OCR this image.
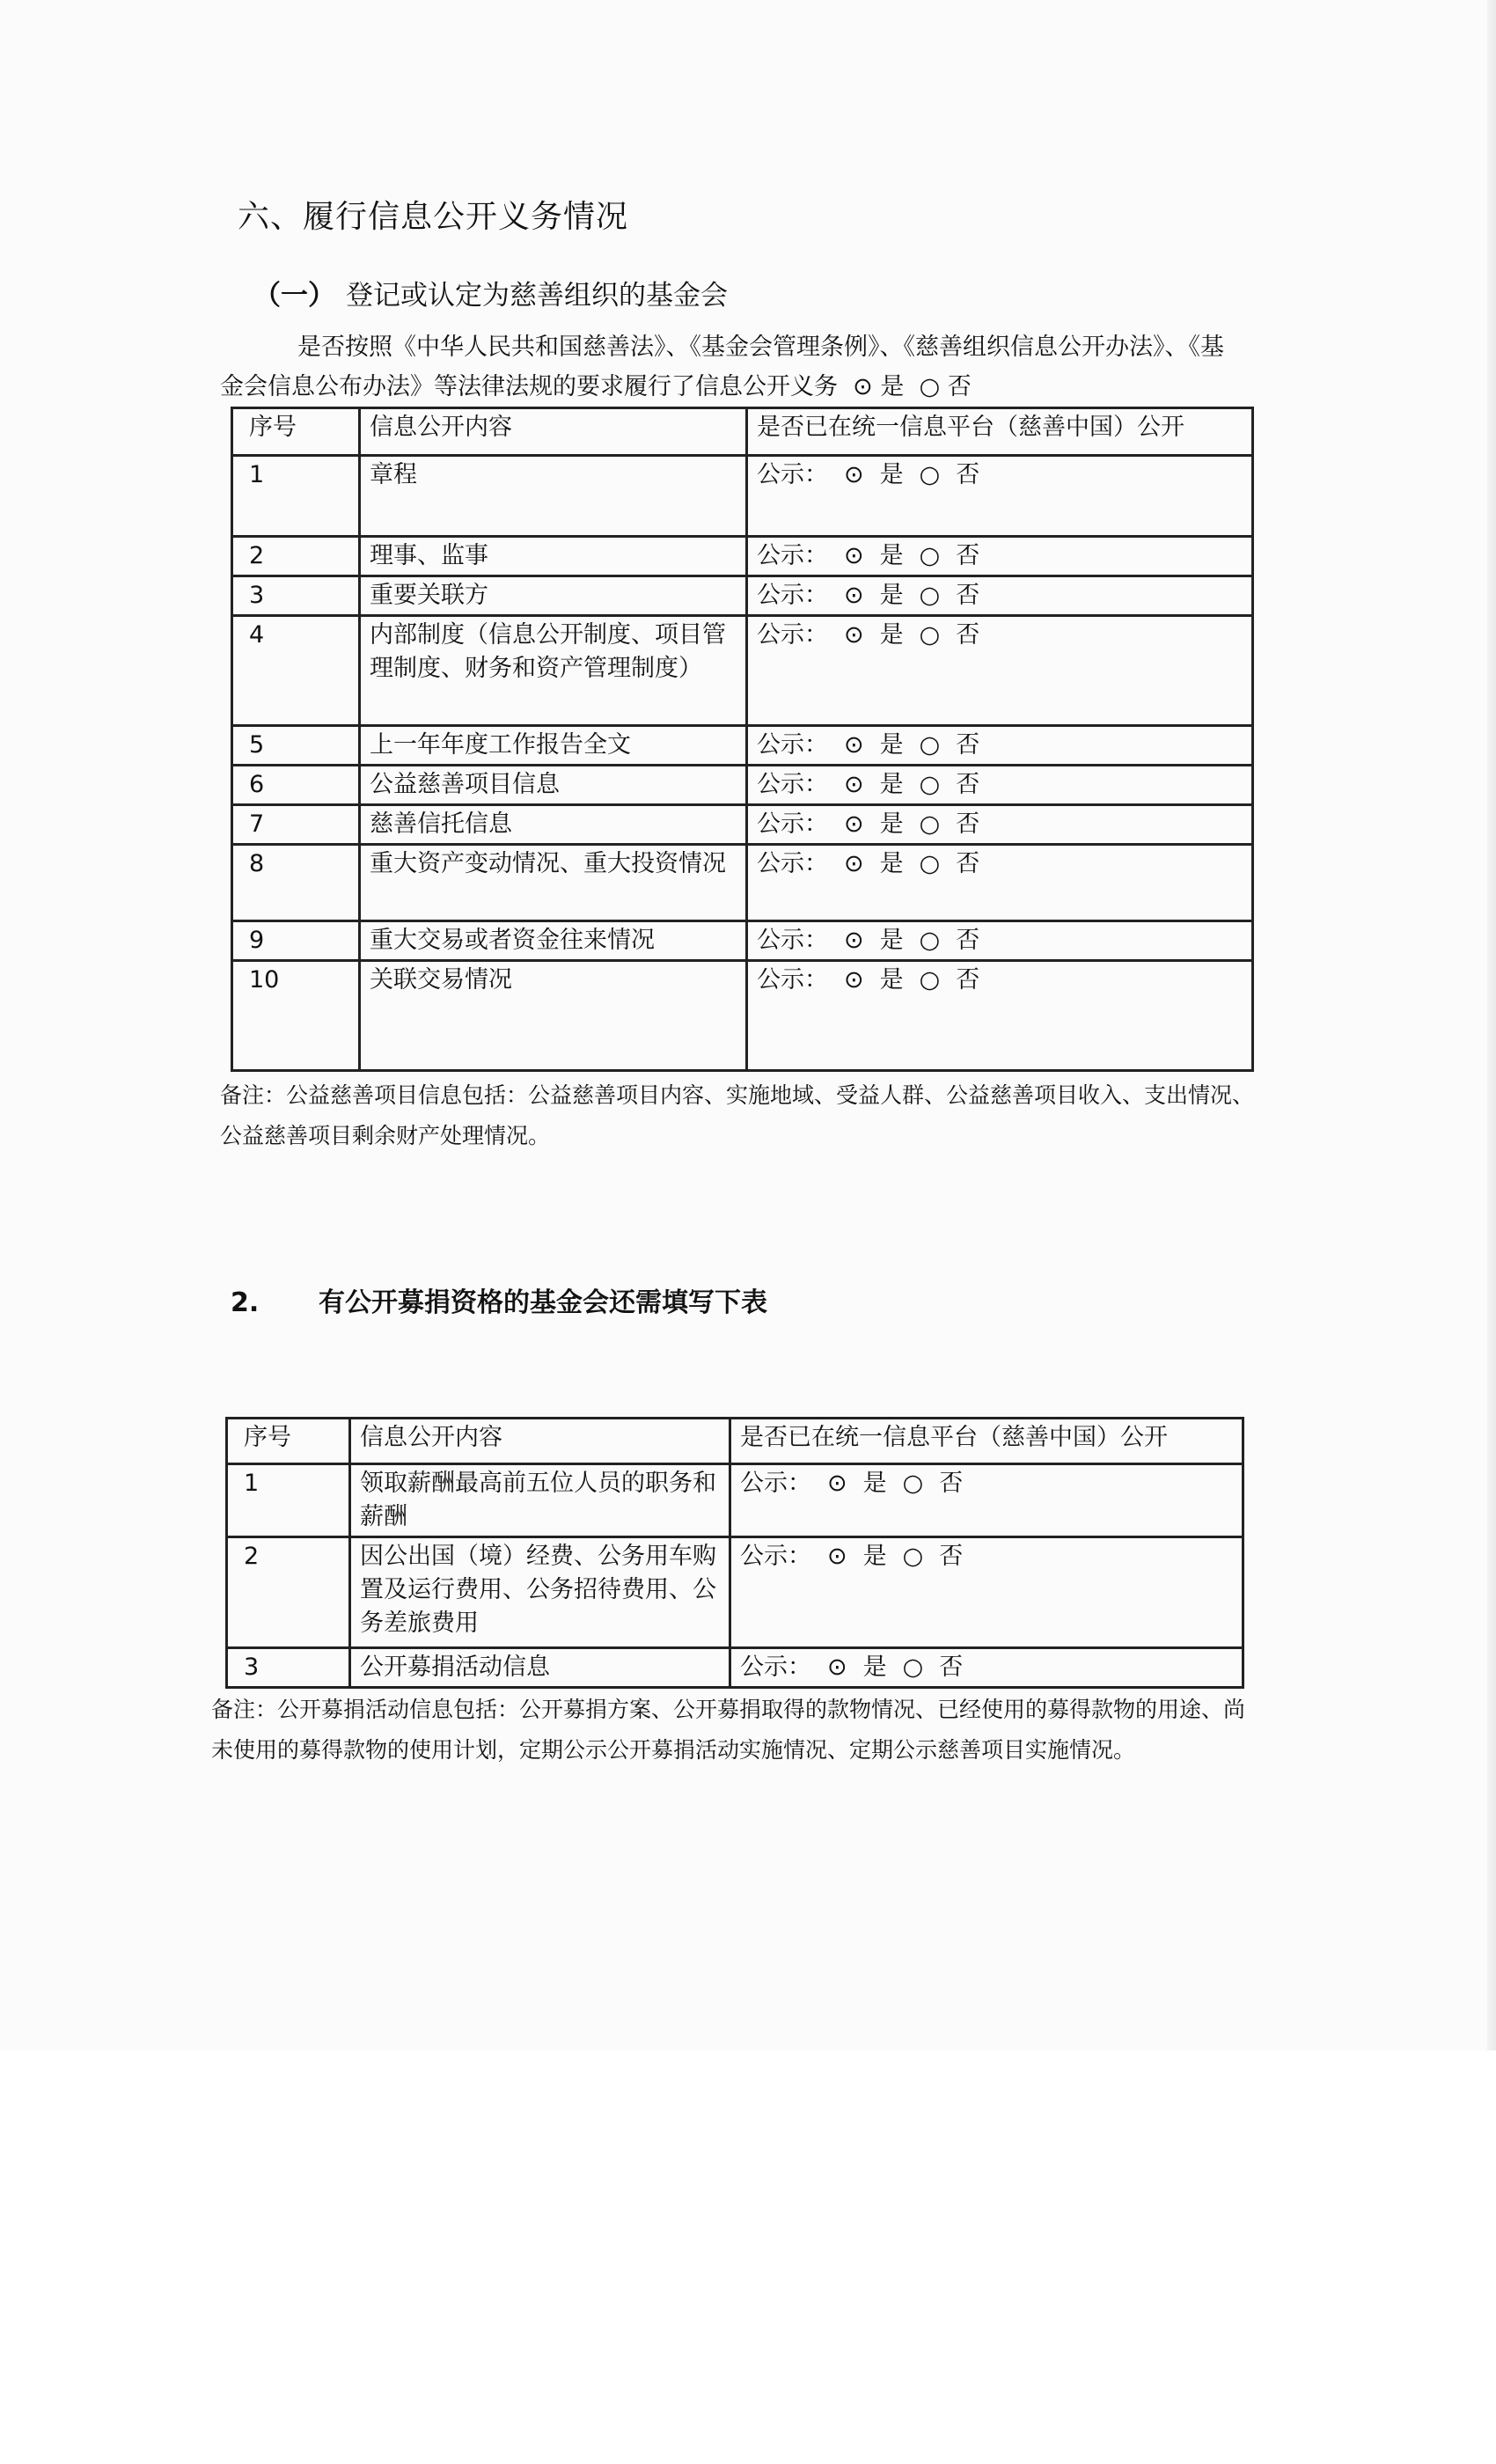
六、履行信息公开义务情况
（一） 登记或认定为慈善组织的基金会
是否按照《中华人民共和国慈善法》、《基金会管理条例》、《慈善组织信息公开办法》、《基金会信息公布办法》等法律法规的要求履行了信息公开义务 ⊙ 是 ○ 否
序号	信息公开内容	是否已在统一信息平台（慈善中国）公开
1	章程	公示： ⊙ 是 ○ 否
2	理事、监事	公示： ⊙ 是 ○ 否
3	重要关联方	公示： ⊙ 是 ○ 否
4	内部制度（信息公开制度、项目管理制度、财务和资产管理制度）	公示： ⊙ 是 ○ 否
5	上一年年度工作报告全文	公示： ⊙ 是 ○ 否
6	公益慈善项目信息	公示： ⊙ 是 ○ 否
7	慈善信托信息	公示： ⊙ 是 ○ 否
8	重大资产变动情况、重大投资情况	公示： ⊙ 是 ○ 否
9	重大交易或者资金往来情况	公示： ⊙ 是 ○ 否
10	关联交易情况	公示： ⊙ 是 ○ 否
备注：公益慈善项目信息包括：公益慈善项目内容、实施地域、受益人群、公益慈善项目收入、支出情况、公益慈善项目剩余财产处理情况。
2. 有公开募捐资格的基金会还需填写下表
序号	信息公开内容	是否已在统一信息平台（慈善中国）公开
1	领取薪酬最高前五位人员的职务和薪酬	公示： ⊙ 是 ○ 否
2	因公出国（境）经费、公务用车购置及运行费用、公务招待费用、公务差旅费用	公示： ⊙ 是 ○ 否
3	公开募捐活动信息	公示： ⊙ 是 ○ 否
备注：公开募捐活动信息包括：公开募捐方案、公开募捐取得的款物情况、已经使用的募得款物的用途、尚未使用的募得款物的使用计划，定期公示公开募捐活动实施情况、定期公示慈善项目实施情况。
